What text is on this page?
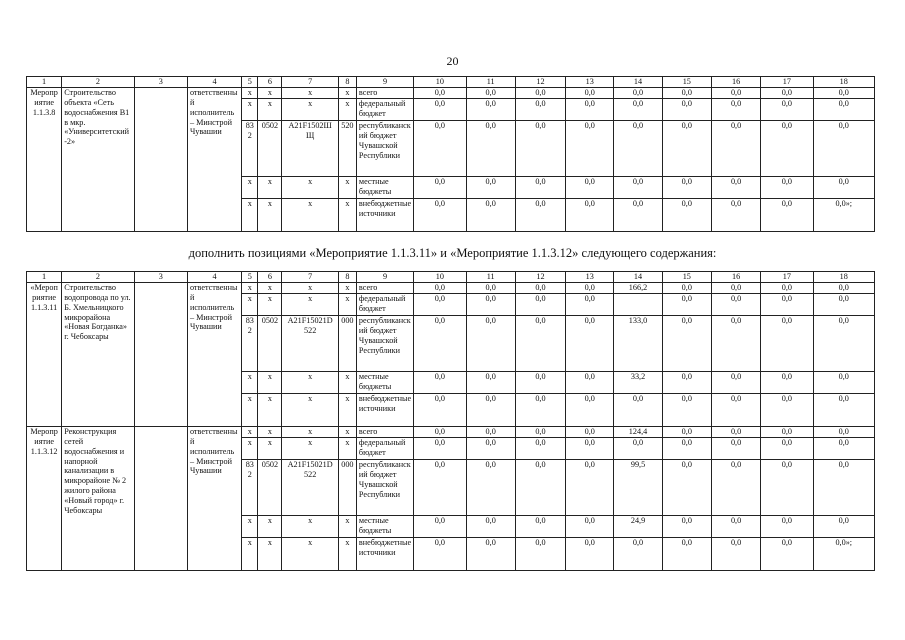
20
1	2	3	4	5	6	7	8	9	10	11	12	13	14	15	16	17	18
Мероприятие 1.1.3.8	Строительство объекта «Сеть водоснабжения В1 в мкр. «Университетский-2»		ответственный исполнитель – Минстрой Чувашии	x	x	x	x	всего	0,0	0,0	0,0	0,0	0,0	0,0	0,0	0,0	0,0
				x	x	x	x	федеральный бюджет	0,0	0,0	0,0	0,0	0,0	0,0	0,0	0,0	0,0
				832	0502	A21F1502ШЩ	520	республиканский бюджет Чувашской Республики	0,0	0,0	0,0	0,0	0,0	0,0	0,0	0,0	0,0
				x	x	x	x	местные бюджеты	0,0	0,0	0,0	0,0	0,0	0,0	0,0	0,0	0,0
				x	x	x	x	внебюджетные источники	0,0	0,0	0,0	0,0	0,0	0,0	0,0	0,0	0,0»;
дополнить позициями «Мероприятие 1.1.3.11» и «Мероприятие 1.1.3.12» следующего содержания:
1	2	3	4	5	6	7	8	9	10	11	12	13	14	15	16	17	18
«Мероприятие 1.1.3.11	Строительство водопровода по ул. Б. Хмельницкого микрорайона «Новая Богданка» г. Чебоксары		ответственный исполнитель – Минстрой Чувашии	x	x	x	x	всего	0,0	0,0	0,0	0,0	166,2	0,0	0,0	0,0	0,0
				x	x	x	x	федеральный бюджет	0,0	0,0	0,0	0,0		0,0	0,0	0,0	0,0
				832	0502	A21F15021D 522	000	республиканский бюджет Чувашской Республики	0,0	0,0	0,0	0,0	133,0	0,0	0,0	0,0	0,0
				x	x	x	x	местные бюджеты	0,0	0,0	0,0	0,0	33,2	0,0	0,0	0,0	0,0
				x	x	x	x	внебюджетные источники	0,0	0,0	0,0	0,0	0,0	0,0	0,0	0,0	0,0
Мероприятие 1.1.3.12	Реконструкция сетей водоснабжения и напорной канализации в микрорайоне № 2 жилого района «Новый город» г. Чебоксары		ответственный исполнитель – Минстрой Чувашии	x	x	x	x	всего	0,0	0,0	0,0	0,0	124,4	0,0	0,0	0,0	0,0
				x	x	x	x	федеральный бюджет	0,0	0,0	0,0	0,0	0,0	0,0	0,0	0,0	0,0
				832	0502	A21F15021D 522	000	республиканский бюджет Чувашской Республики	0,0	0,0	0,0	0,0	99,5	0,0	0,0	0,0	0,0
				x	x	x	x	местные бюджеты	0,0	0,0	0,0	0,0	24,9	0,0	0,0	0,0	0,0
				x	x	x	x	внебюджетные источники	0,0	0,0	0,0	0,0	0,0	0,0	0,0	0,0	0,0»;
